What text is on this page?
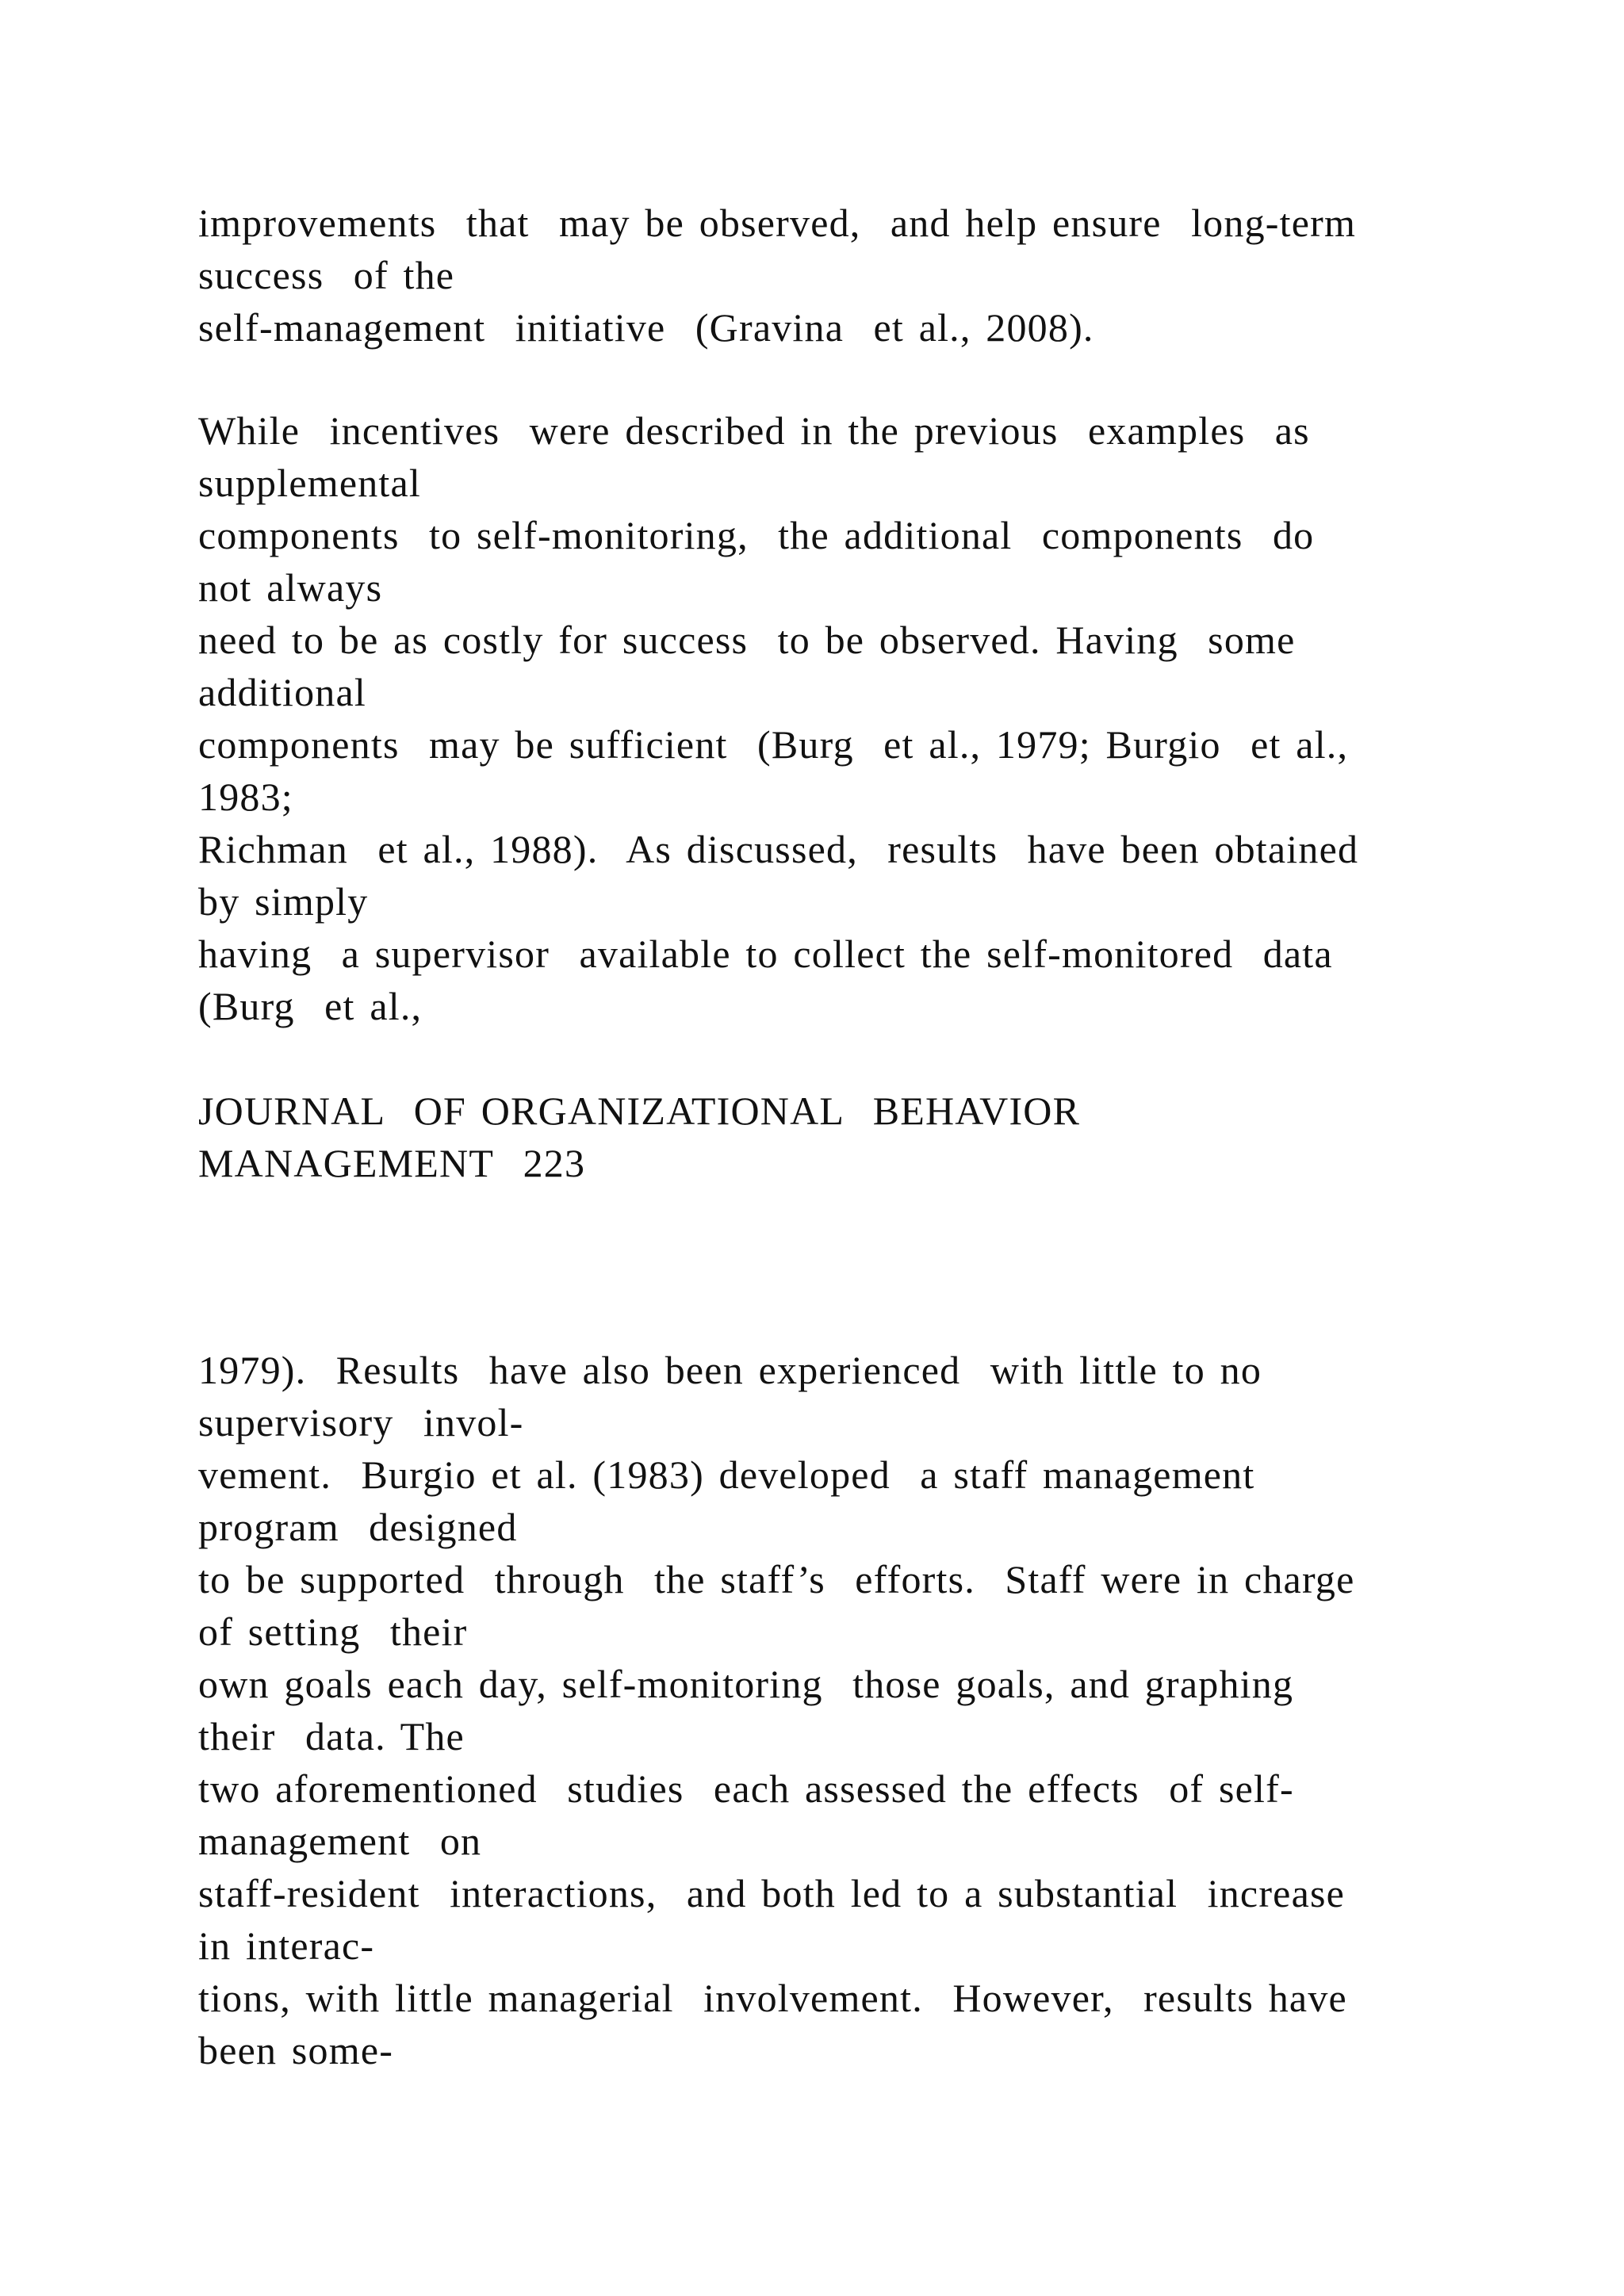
improvements  that  may be observed,  and help ensure  long-term
success  of the
self-management  initiative  (Gravina  et al., 2008).
While  incentives  were described in the previous  examples  as
supplemental
components  to self-monitoring,  the additional  components  do
not always
need to be as costly for success  to be observed. Having  some
additional
components  may be sufficient  (Burg  et al., 1979; Burgio  et al.,
1983;
Richman  et al., 1988).  As discussed,  results  have been obtained
by simply
having  a supervisor  available to collect the self-monitored  data
(Burg  et al.,
JOURNAL  OF ORGANIZATIONAL  BEHAVIOR
MANAGEMENT  223
1979).  Results  have also been experienced  with little to no
supervisory  invol-
vement.  Burgio et al. (1983) developed  a staff management
program  designed
to be supported  through  the staff’s  efforts.  Staff were in charge
of setting  their
own goals each day, self-monitoring  those goals, and graphing
their  data. The
two aforementioned  studies  each assessed the effects  of self-
management  on
staff-resident  interactions,  and both led to a substantial  increase
in interac-
tions, with little managerial  involvement.  However,  results have
been some-
